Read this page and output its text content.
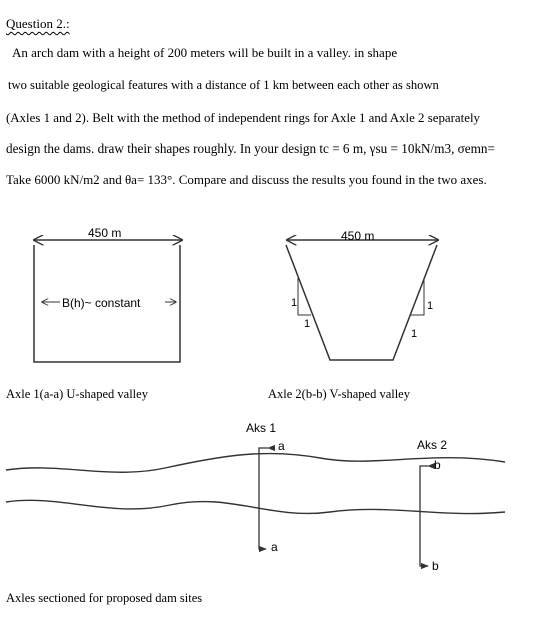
Question 2.:
An arch dam with a height of 200 meters will be built in a valley. in shape
two suitable geological features with a distance of 1 km between each other as shown
(Axles 1 and 2). Belt with the method of independent rings for Axle 1 and Axle 2 separately
design the dams. draw their shapes roughly. In your design tc = 6 m, γsu = 10kN/m3, σemn=
Take 6000 kN/m2 and θa= 133°. Compare and discuss the results you found in the two axes.
450 m
B(h)~ constant
Axle 1(a-a) U-shaped valley
450 m
1
1
1
1
Axle 2(b-b) V-shaped valley
Aks 1
a
a
Aks 2
b
b
Axles sectioned for proposed dam sites
